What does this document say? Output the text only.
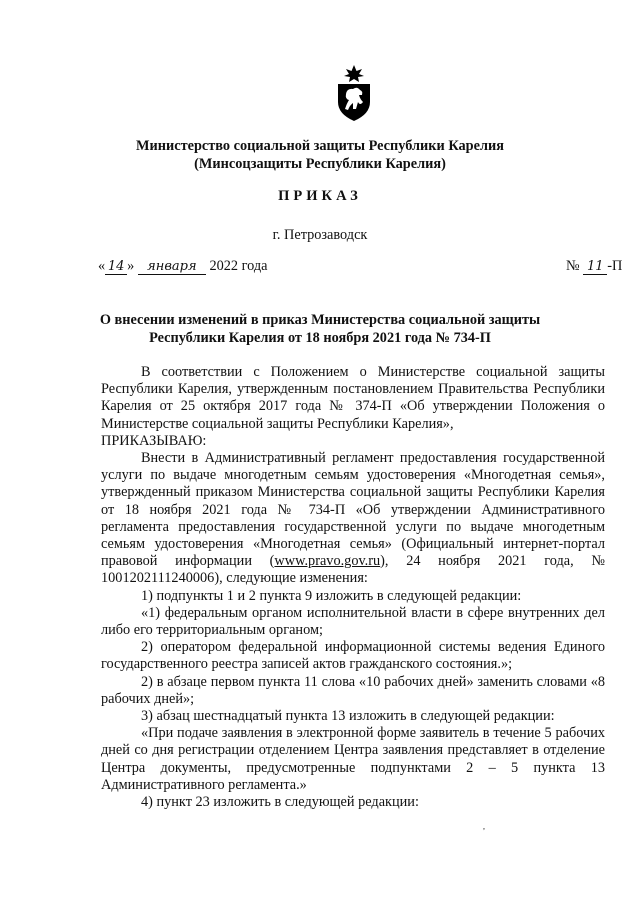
Министерство социальной защиты Республики Карелия
(Минсоцзащиты Республики Карелия)
ПРИКАЗ
г. Петрозаводск
« 14 » января 2022 года	№ 11 -П
О внесении изменений в приказ Министерства социальной защиты
Республики Карелия от 18 ноября 2021 года № 734-П

В соответствии с Положением о Министерстве социальной защиты Республики Карелия, утвержденным постановлением Правительства Республики Карелия от 25 октября 2017 года № 374-П «Об утверждении Положения о Министерстве социальной защиты Республики Карелия»,

ПРИКАЗЫВАЮ:

Внести в Административный регламент предоставления государственной услуги по выдаче многодетным семьям удостоверения «Многодетная семья», утвержденный приказом Министерства социальной защиты Республики Карелия от 18 ноября 2021 года № 734-П «Об утверждении Административного регламента предоставления государственной услуги по выдаче многодетным семьям удостоверения «Многодетная семья» (Официальный интернет-портал правовой информации (www.pravo.gov.ru), 24 ноября 2021 года, № 1001202111240006), следующие изменения:

1) подпункты 1 и 2 пункта 9 изложить в следующей редакции:

«1) федеральным органом исполнительной власти в сфере внутренних дел либо его территориальным органом;

2) оператором федеральной информационной системы ведения Единого государственного реестра записей актов гражданского состояния.»;

2) в абзаце первом пункта 11 слова «10 рабочих дней» заменить словами «8 рабочих дней»;

3) абзац шестнадцатый пункта 13 изложить в следующей редакции:

«При подаче заявления в электронной форме заявитель в течение 5 рабочих дней со дня регистрации отделением Центра заявления представляет в отделение Центра документы, предусмотренные подпунктами 2 – 5 пункта 13 Административного регламента.»

4) пункт 23 изложить в следующей редакции:

,
